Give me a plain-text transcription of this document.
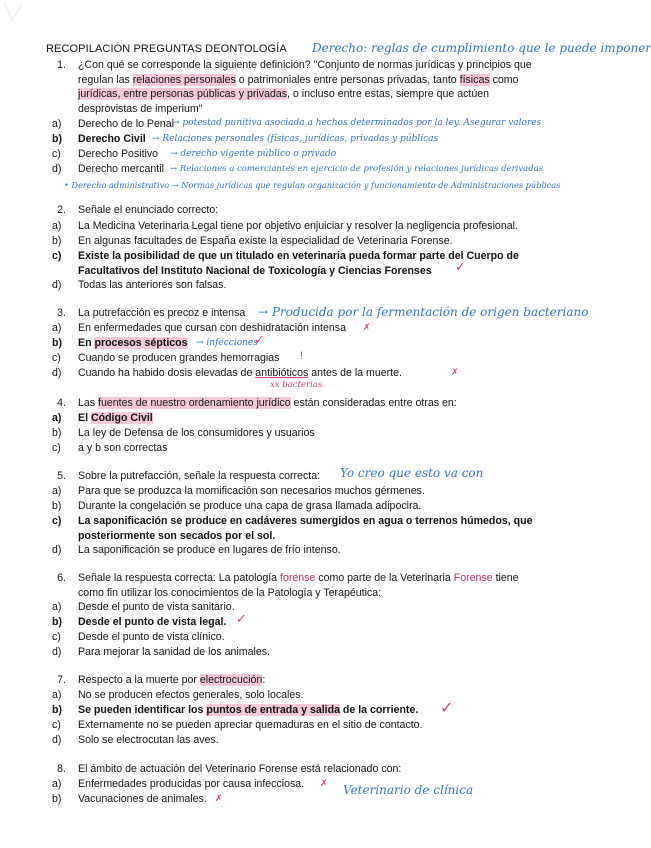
RECOPILACIÓN PREGUNTAS DEONTOLOGÍA Derecho: reglas de cumplimiento que le puede imponer
1. ¿Con qué se corresponde la siguiente definición? "Conjunto de normas jurídicas y principios que
regulan las relaciones personales o patrimoniales entre personas privadas, tanto físicas como
jurídicas, entre personas públicas y privadas, o incluso entre estas, siempre que actúen
desprovistas de imperium"
a)	Derecho de lo Penal
→ potestad punitiva asociada a hechos determinados por la ley. Asegurar valores
b)	Derecho Civil → Relaciones personales (físicas, jurídicas, privadas y públicas
c)	Derecho Positivo → derecho vigente público o privado
d)	Derecho mercantil → Relaciones a comerciantes en ejercicio de profesión y relaciones jurídicas derivadas
• Derecho administrativo → Normas jurídicas que regulan organización y funcionamiento de Administraciones públicas
2. Señale el enunciado correcto:
a)	La Medicina Veterinaria Legal tiene por objetivo enjuiciar y resolver la negligencia profesional.
b)	En algunas facultades de España existe la especialidad de Veterinaria Forense.
c)	Existe la posibilidad de que un titulado en veterinaria pueda formar parte del Cuerpo de
Facultativos del Instituto Nacional de Toxicología y Ciencias Forenses ✓
d)	Todas las anteriores son falsas.
3. La putrefacción es precoz e intensa	→ Producida por la fermentación de origen bacteriano
a)	En enfermedades que cursan con deshidratación intensa ✗
b)	En procesos sépticos → infecciones
✓
c)	Cuando se producen grandes hemorragias !
d)	Cuando ha habido dosis elevadas de antibióticos antes de la muerte.	✗
xx bacterias
4. Las fuentes de nuestro ordenamiento jurídico están consideradas entre otras en:
a)	El Código Civil
b)	La ley de Defensa de los consumidores y usuarios
c)	a y b son correctas
5. Sobre la putrefacción, señale la respuesta correcta:	Yo creo que esto va con
a)	Para que se produzca la momificación son necesarios muchos gérmenes.
b)	Durante la congelación se produce una capa de grasa llamada adipocira.
c)	La saponificación se produce en cadáveres sumergidos en agua o terrenos húmedos, que
posteriormente son secados por el sol.
d)	La saponificación se produce en lugares de frío intenso.
6. Señale la respuesta correcta: La patología forense como parte de la Veterinaria Forense tiene
como fin utilizar los conocimientos de la Patología y Terapéutica:
a)	Desde el punto de vista sanitario.
b)	Desde el punto de vista legal. ✓
c)	Desde el punto de vista clínico.
d)	Para mejorar la sanidad de los animales.
7. Respecto a la muerte por electrocución:
a)	No se producen efectos generales, solo locales.
b)	Se pueden identificar los puntos de entrada y salida de la corriente. ✓
c)	Externamente no se pueden apreciar quemaduras en el sitio de contacto.
d)	Solo se electrocutan las aves.
8. El ámbito de actuación del Veterinario Forense está relacionado con:
a)	Enfermedades producidas por causa infecciosa. ✗
b)	Vacunaciones de animales. ✗
Veterinario de clínica
